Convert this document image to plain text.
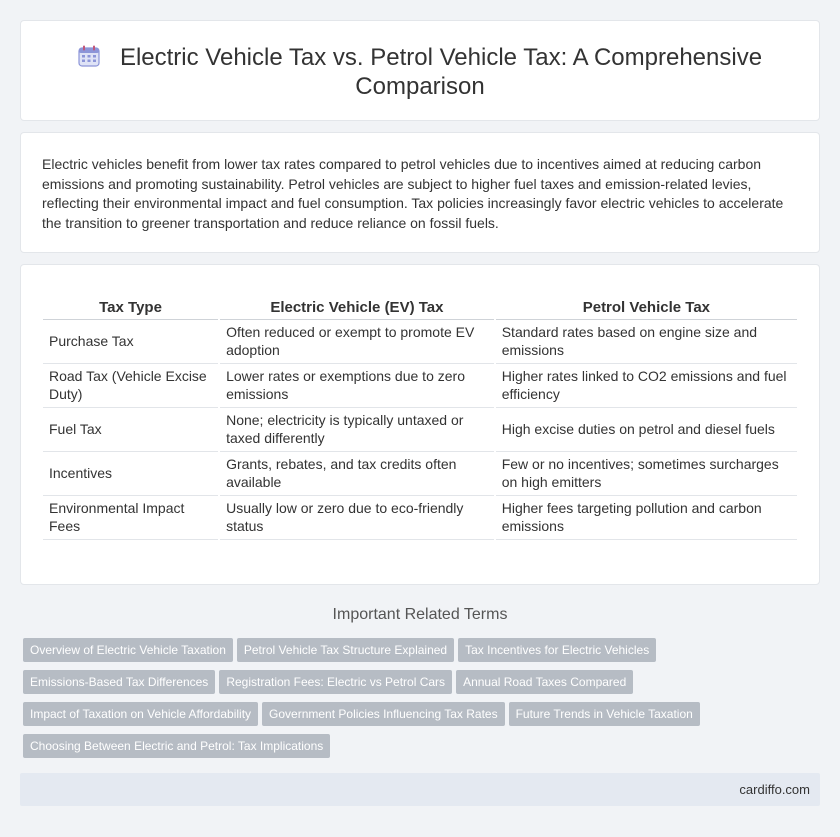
Electric Vehicle Tax vs. Petrol Vehicle Tax: A Comprehensive Comparison

Electric vehicles benefit from lower tax rates compared to petrol vehicles due to incentives aimed at reducing carbon emissions and promoting sustainability. Petrol vehicles are subject to higher fuel taxes and emission-related levies, reflecting their environmental impact and fuel consumption. Tax policies increasingly favor electric vehicles to accelerate the transition to greener transportation and reduce reliance on fossil fuels.

Tax Type	Electric Vehicle (EV) Tax	Petrol Vehicle Tax
Purchase Tax	Often reduced or exempt to promote EV adoption	Standard rates based on engine size and emissions
Road Tax (Vehicle Excise Duty)	Lower rates or exemptions due to zero emissions	Higher rates linked to CO2 emissions and fuel efficiency
Fuel Tax	None; electricity is typically untaxed or taxed differently	High excise duties on petrol and diesel fuels
Incentives	Grants, rebates, and tax credits often available	Few or no incentives; sometimes surcharges on high emitters
Environmental Impact Fees	Usually low or zero due to eco-friendly status	Higher fees targeting pollution and carbon emissions
Important Related Terms
Overview of Electric Vehicle Taxation Petrol Vehicle Tax Structure Explained Tax Incentives for Electric Vehicles
Emissions-Based Tax Differences Registration Fees: Electric vs Petrol Cars Annual Road Taxes Compared
Impact of Taxation on Vehicle Affordability Government Policies Influencing Tax Rates Future Trends in Vehicle Taxation
Choosing Between Electric and Petrol: Tax Implications
cardiffo.com
